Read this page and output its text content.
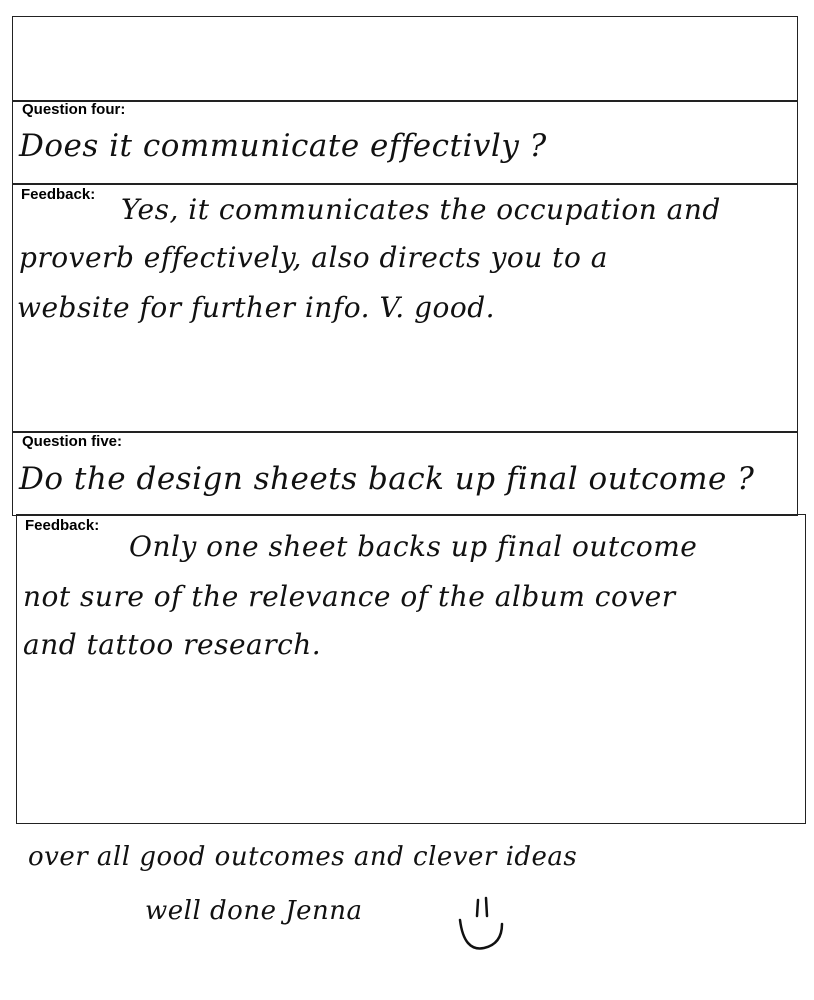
Question four:
Does it communicate effectivly ?
Feedback: Yes, it communicates the occupation and
proverb effectively, also directs you to a
website for further info. V. good.
Question five:
Do the design sheets back up final outcome ?
Feedback:
Only one sheet backs up final outcome
not sure of the relevance of the album cover
and tattoo research.
over all good outcomes and clever ideas
well done Jenna
